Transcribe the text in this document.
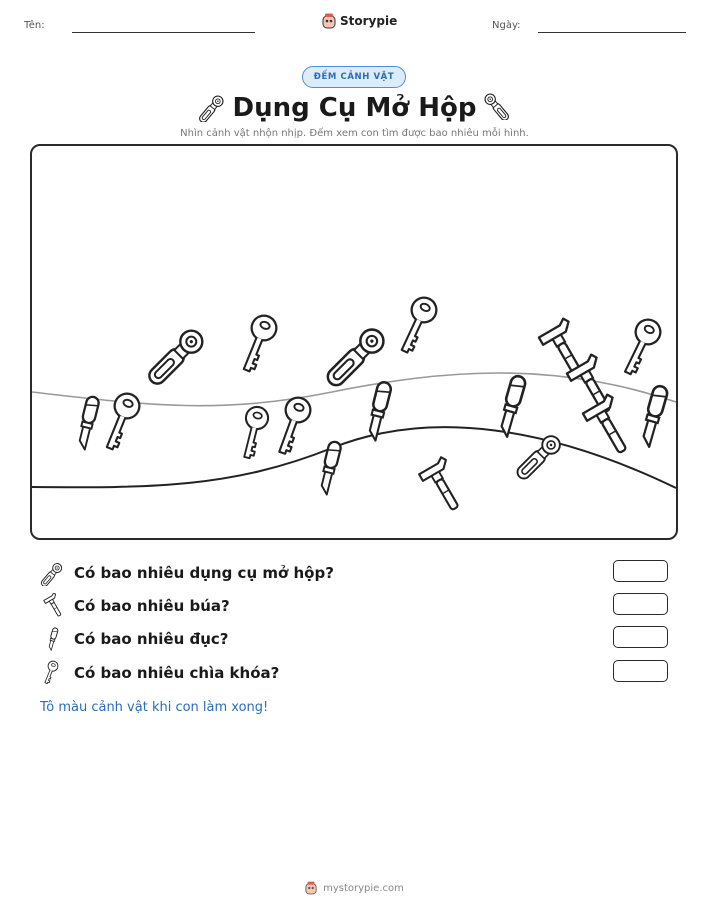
Tên:	Storypie	Ngày:
ĐẾM CẢNH VẬT
Dụng Cụ Mở Hộp
Nhìn cảnh vật nhộn nhịp. Đếm xem con tìm được bao nhiêu mỗi hình.
Có bao nhiêu dụng cụ mở hộp?
Có bao nhiêu búa?
Có bao nhiêu đục?
Có bao nhiêu chìa khóa?
Tô màu cảnh vật khi con làm xong!
mystorypie.com
